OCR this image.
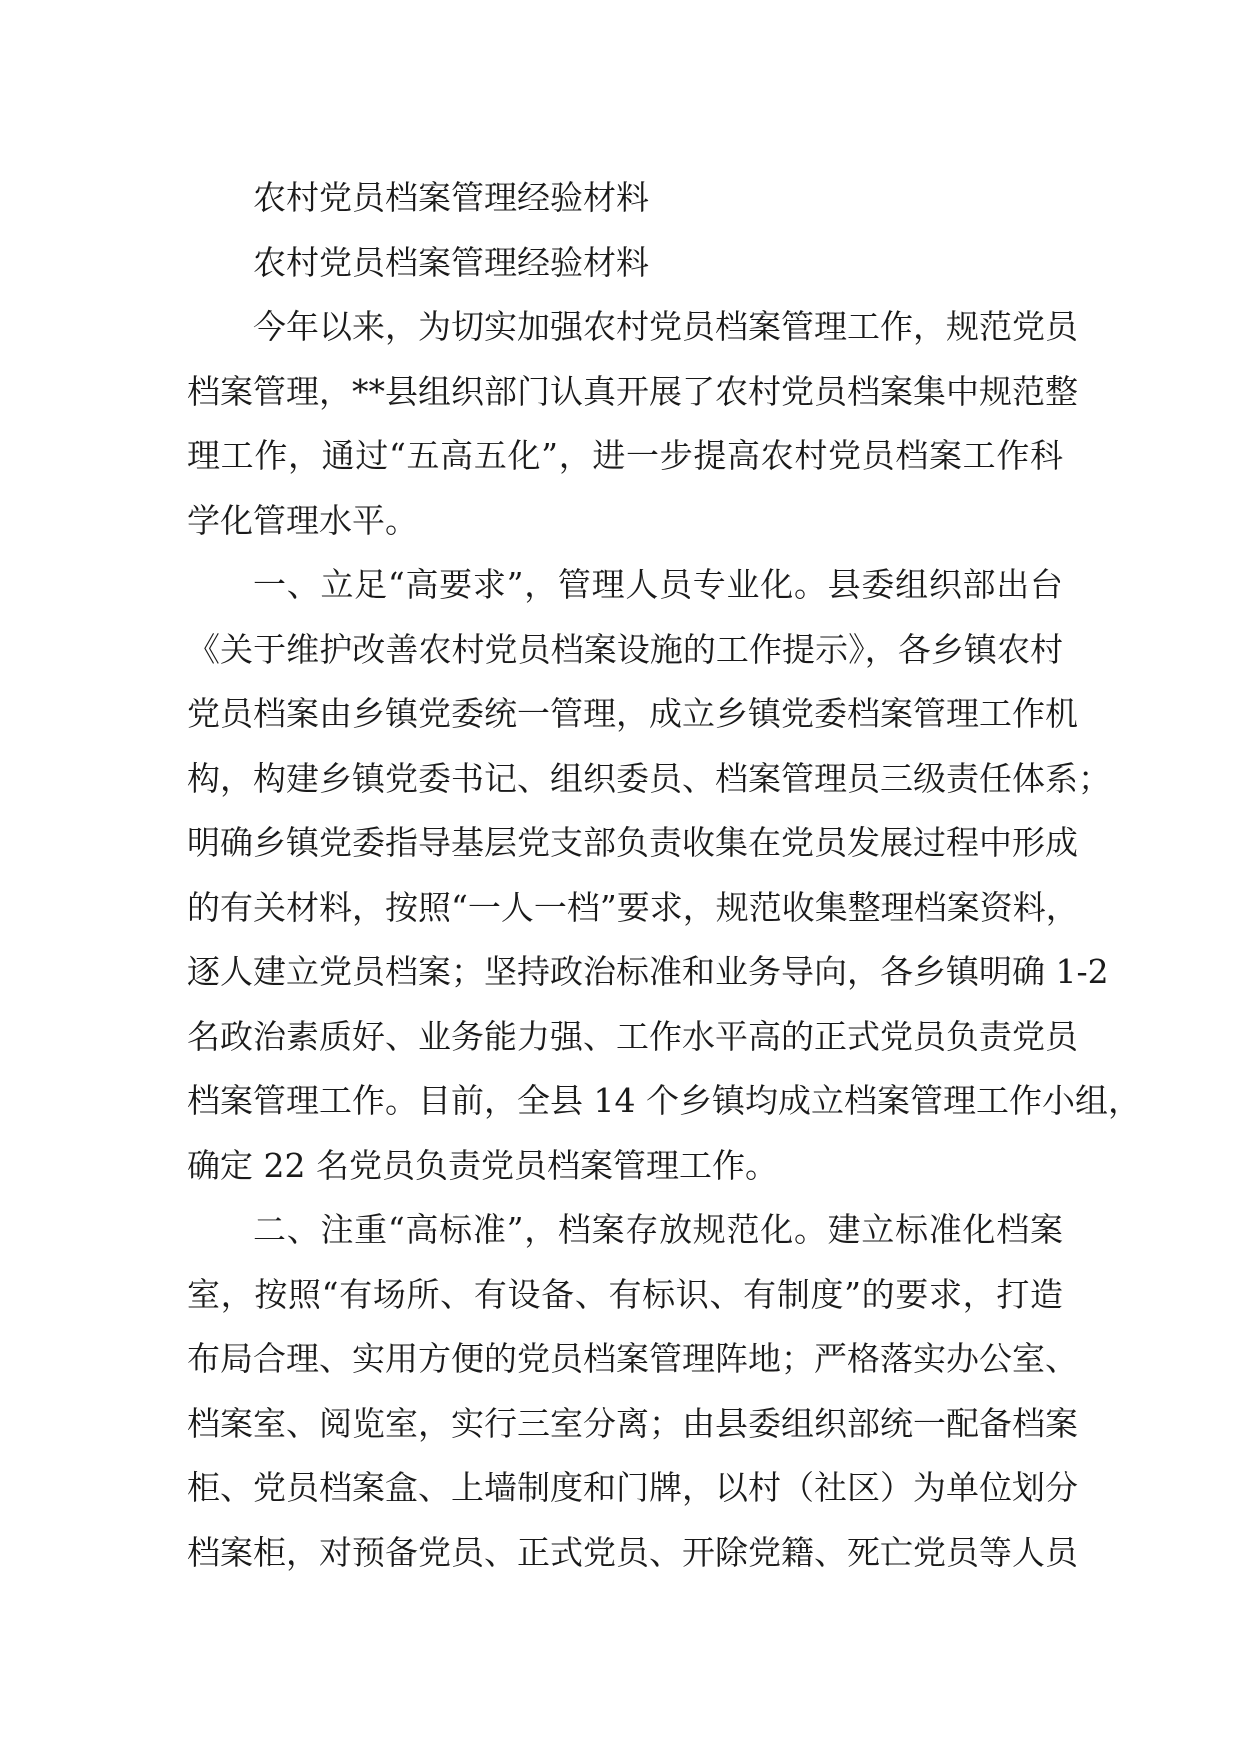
农村党员档案管理经验材料
农村党员档案管理经验材料
今年以来，为切实加强农村党员档案管理工作，规范党员
档案管理，**县组织部门认真开展了农村党员档案集中规范整
理工作，通过“五高五化”，进一步提高农村党员档案工作科
学化管理水平。
一、立足“高要求”，管理人员专业化。县委组织部出台
《关于维护改善农村党员档案设施的工作提示》，各乡镇农村
党员档案由乡镇党委统一管理，成立乡镇党委档案管理工作机
构，构建乡镇党委书记、组织委员、档案管理员三级责任体系；
明确乡镇党委指导基层党支部负责收集在党员发展过程中形成
的有关材料，按照“一人一档”要求，规范收集整理档案资料，
逐人建立党员档案；坚持政治标准和业务导向，各乡镇明确 1-2
名政治素质好、业务能力强、工作水平高的正式党员负责党员
档案管理工作。目前，全县 14 个乡镇均成立档案管理工作小组，
确定 22 名党员负责党员档案管理工作。
二、注重“高标准”，档案存放规范化。建立标准化档案
室，按照“有场所、有设备、有标识、有制度”的要求，打造
布局合理、实用方便的党员档案管理阵地；严格落实办公室、
档案室、阅览室，实行三室分离；由县委组织部统一配备档案
柜、党员档案盒、上墙制度和门牌，以村（社区）为单位划分
档案柜，对预备党员、正式党员、开除党籍、死亡党员等人员
